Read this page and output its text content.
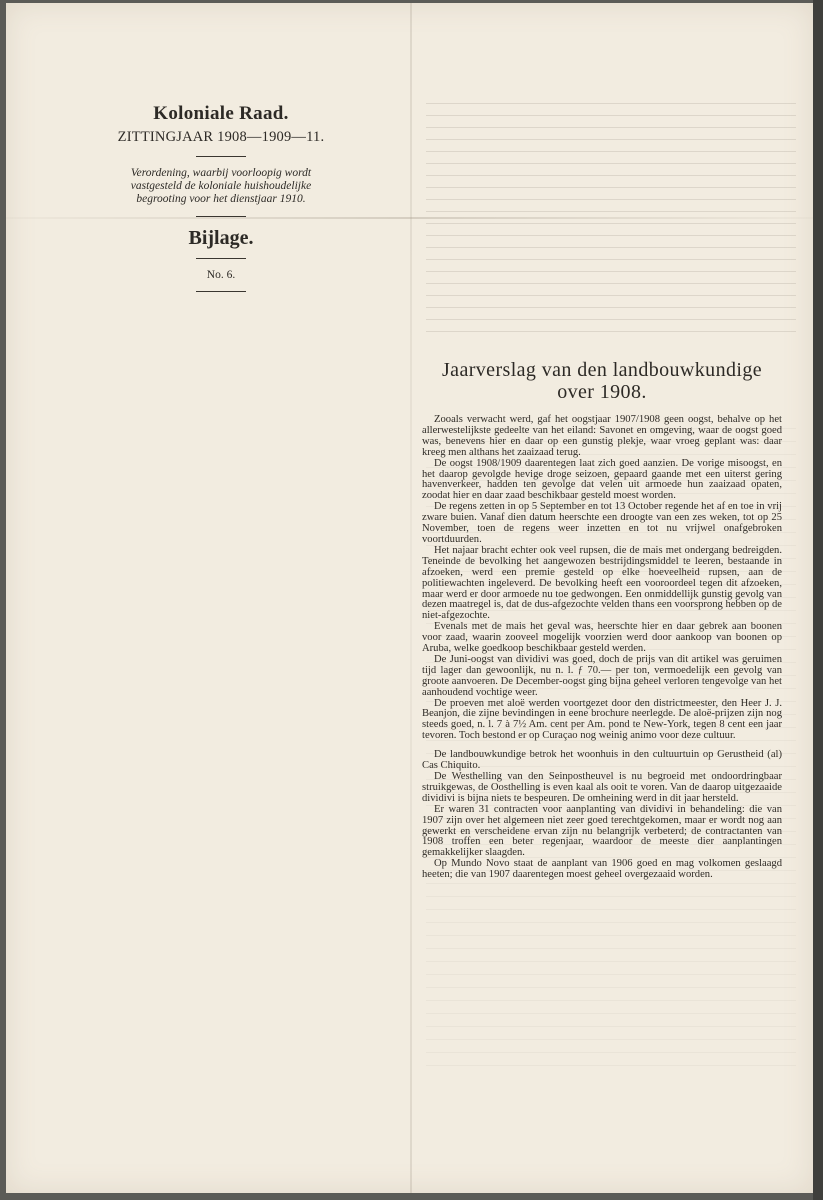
Koloniale Raad.

ZITTINGJAAR 1908—1909—11.

Verordening, waarbij voorloopig wordt vastgesteld de koloniale huishoudelijke begrooting voor het dienstjaar 1910.

Bijlage.

No. 6.

Jaarverslag van den landbouwkundige
over 1908.

Zooals verwacht werd, gaf het oogstjaar 1907/1908 geen oogst, behalve op het allerwestelijkste gedeelte van het eiland: Savonet en omgeving, waar de oogst goed was, benevens hier en daar op een gunstig plekje, waar vroeg geplant was: daar kreeg men althans het zaaizaad terug.

De oogst 1908/1909 daarentegen laat zich goed aanzien. De vorige misoogst, en het daarop gevolgde hevige droge seizoen, gepaard gaande met een uiterst gering havenverkeer, hadden ten gevolge dat velen uit armoede hun zaaizaad opaten, zoodat hier en daar zaad beschikbaar gesteld moest worden.

De regens zetten in op 5 September en tot 13 October regende het af en toe in vrij zware buien. Vanaf dien datum heerschte een droogte van een zes weken, tot op 25 November, toen de regens weer inzetten en tot nu vrijwel onafgebroken voortduurden.

Het najaar bracht echter ook veel rupsen, die de mais met ondergang bedreigden. Teneinde de bevolking het aangewozen bestrijdingsmiddel te leeren, bestaande in afzoeken, werd een premie gesteld op elke hoeveelheid rupsen, aan de politiewachten ingeleverd. De bevolking heeft een vooroordeel tegen dit afzoeken, maar werd er door armoede nu toe gedwongen. Een onmiddellijk gunstig gevolg van dezen maatregel is, dat de dus-afgezochte velden thans een voorsprong hebben op de niet-afgezochte.

Evenals met de mais het geval was, heerschte hier en daar gebrek aan boonen voor zaad, waarin zooveel mogelijk voorzien werd door aankoop van boonen op Aruba, welke goedkoop beschikbaar gesteld werden.

De Juni-oogst van dividivi was goed, doch de prijs van dit artikel was geruimen tijd lager dan gewoonlijk, nu n. l. ƒ 70.— per ton, vermoedelijk een gevolg van groote aanvoeren. De December-oogst ging bijna geheel verloren tengevolge van het aanhoudend vochtige weer.

De proeven met aloë werden voortgezet door den districtmeester, den Heer J. J. Beanjon, die zijne bevindingen in eene brochure neerlegde. De aloë-prijzen zijn nog steeds goed, n. l. 7 à 7½ Am. cent per Am. pond te New-York, tegen 8 cent een jaar tevoren. Toch bestond er op Curaçao nog weinig animo voor deze cultuur.

De landbouwkundige betrok het woonhuis in den cultuurtuin op Gerustheid (al) Cas Chiquito.

De Westhelling van den Seinpostheuvel is nu begroeid met ondoordringbaar struikgewas, de Oosthelling is even kaal als ooit te voren. Van de daarop uitgezaaide dividivi is bijna niets te bespeuren. De omheining werd in dit jaar hersteld.

Er waren 31 contracten voor aanplanting van dividivi in behandeling: die van 1907 zijn over het algemeen niet zeer goed terechtgekomen, maar er wordt nog aan gewerkt en verscheidene ervan zijn nu belangrijk verbeterd; de contractanten van 1908 troffen een beter regenjaar, waardoor de meeste dier aanplantingen gemakkelijker slaagden.

Op Mundo Novo staat de aanplant van 1906 goed en mag volkomen geslaagd heeten; die van 1907 daarentegen moest geheel overgezaaid worden.
